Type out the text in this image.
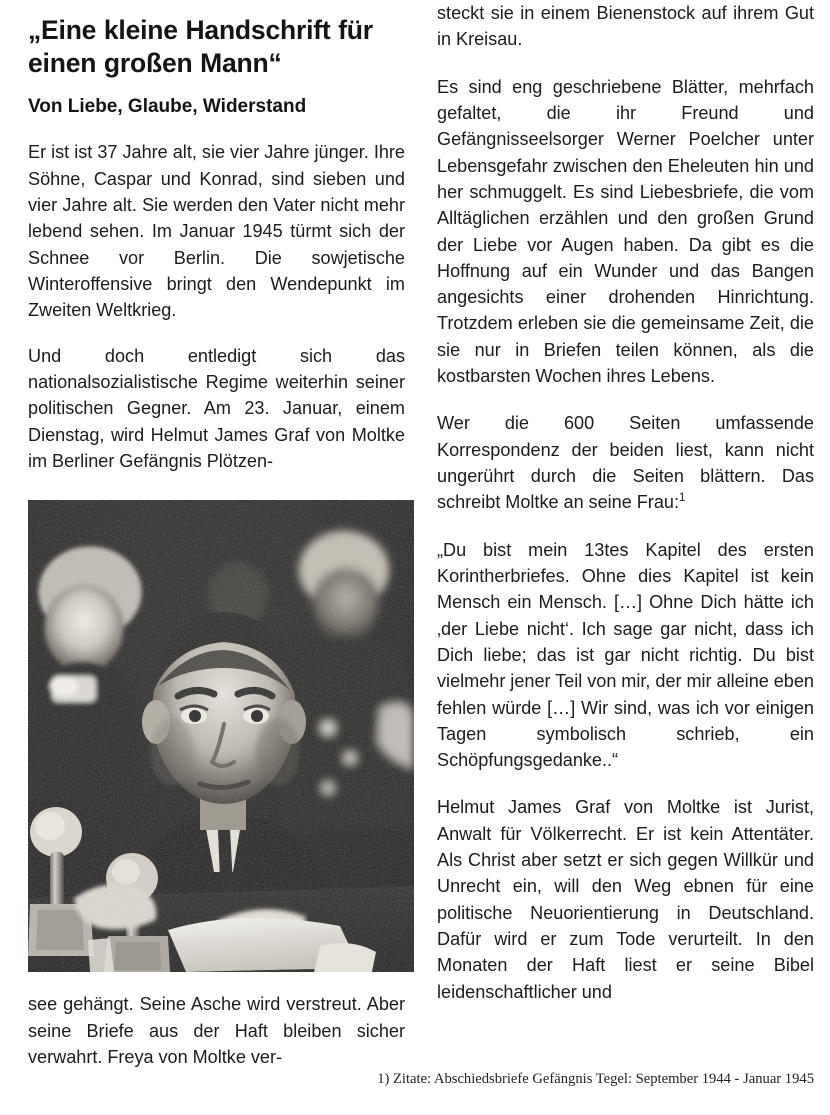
„Eine kleine Handschrift für einen großen Mann“
Von Liebe, Glaube, Widerstand

Er ist ist 37 Jahre alt, sie vier Jahre jünger. Ihre Söhne, Caspar und Konrad, sind sieben und vier Jahre alt. Sie werden den Vater nicht mehr lebend sehen. Im Januar 1945 türmt sich der Schnee vor Berlin. Die sowjetische Winteroffensive bringt den Wendepunkt im Zweiten Weltkrieg.

Und doch entledigt sich das nationalsozialistische Regime weiterhin seiner politischen Gegner. Am 23. Januar, einem Dienstag, wird Helmut James Graf von Moltke im Berliner Gefängnis Plötzen-

see gehängt. Seine Asche wird verstreut. Aber seine Briefe aus der Haft bleiben sicher verwahrt. Freya von Moltke ver-

steckt sie in einem Bienenstock auf ihrem Gut in Kreisau.

Es sind eng geschriebene Blätter, mehrfach gefaltet, die ihr Freund und Gefängnisseelsorger Werner Poelcher unter Lebensgefahr zwischen den Eheleuten hin und her schmuggelt. Es sind Liebesbriefe, die vom Alltäglichen erzählen und den großen Grund der Liebe vor Augen haben. Da gibt es die Hoffnung auf ein Wunder und das Bangen angesichts einer drohenden Hinrichtung. Trotzdem erleben sie die gemeinsame Zeit, die sie nur in Briefen teilen können, als die kostbarsten Wochen ihres Lebens.

Wer die 600 Seiten umfassende Korrespondenz der beiden liest, kann nicht ungerührt durch die Seiten blättern. Das schreibt Moltke an seine Frau:$^1$

„Du bist mein 13tes Kapitel des ersten Korintherbriefes. Ohne dies Kapitel ist kein Mensch ein Mensch. […] Ohne Dich hätte ich ‚der Liebe nicht‘. Ich sage gar nicht, dass ich Dich liebe; das ist gar nicht richtig. Du bist vielmehr jener Teil von mir, der mir alleine eben fehlen würde […] Wir sind, was ich vor einigen Tagen symbolisch schrieb, ein Schöpfungsgedanke..“

Helmut James Graf von Moltke ist Jurist, Anwalt für Völkerrecht. Er ist kein Attentäter. Als Christ aber setzt er sich gegen Willkür und Unrecht ein, will den Weg ebnen für eine politische Neuorientierung in Deutschland. Dafür wird er zum Tode verurteilt. In den Monaten der Haft liest er seine Bibel leidenschaftlicher und

1) Zitate: Abschiedsbriefe Gefängnis Tegel: September 1944 - Januar 1945
